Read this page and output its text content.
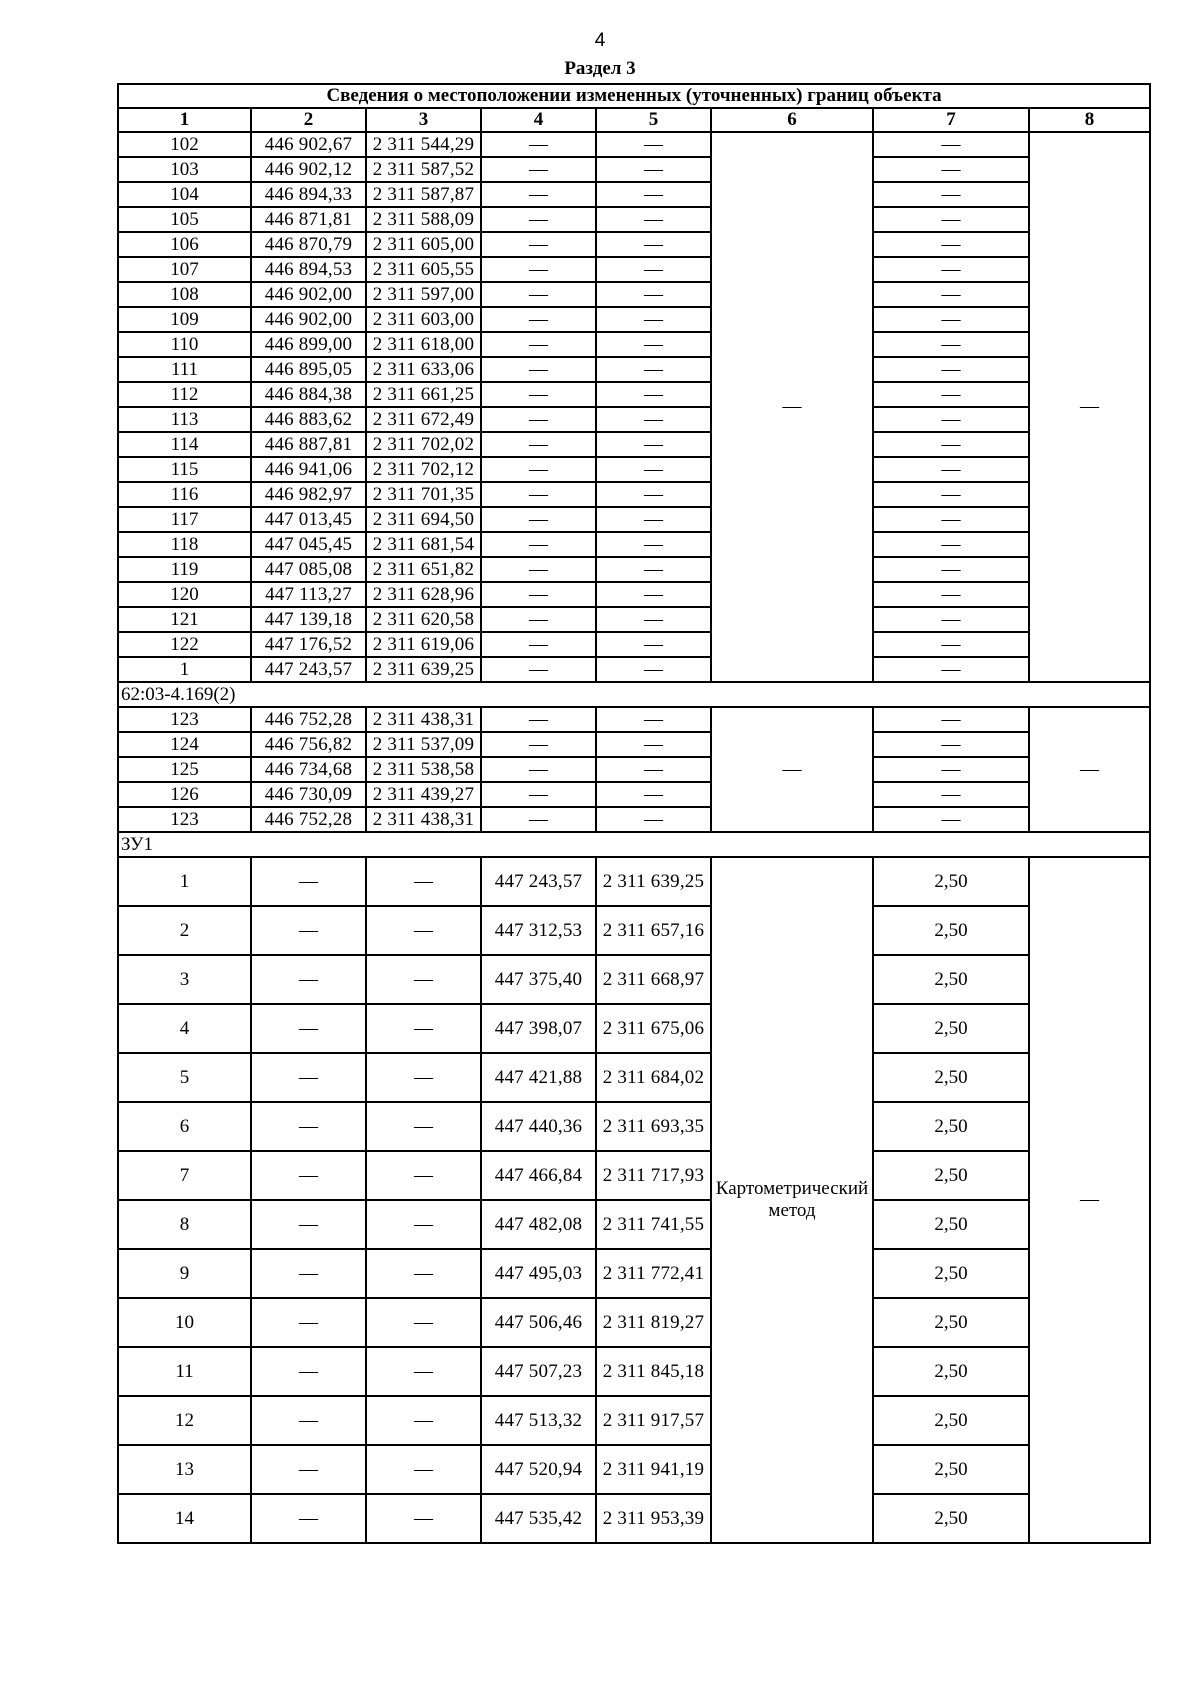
4
Раздел 3
Сведения о местоположении измененных (уточненных) границ объекта							
1	2	3	4	5	6	7	8
102	446 902,67	2 311 544,29	—	—	—	—	—
103	446 902,12	2 311 587,52	—	—		—	
104	446 894,33	2 311 587,87	—	—		—	
105	446 871,81	2 311 588,09	—	—		—	
106	446 870,79	2 311 605,00	—	—		—	
107	446 894,53	2 311 605,55	—	—		—	
108	446 902,00	2 311 597,00	—	—		—	
109	446 902,00	2 311 603,00	—	—		—	
110	446 899,00	2 311 618,00	—	—		—	
111	446 895,05	2 311 633,06	—	—		—	
112	446 884,38	2 311 661,25	—	—		—	
113	446 883,62	2 311 672,49	—	—		—	
114	446 887,81	2 311 702,02	—	—		—	
115	446 941,06	2 311 702,12	—	—		—	
116	446 982,97	2 311 701,35	—	—		—	
117	447 013,45	2 311 694,50	—	—		—	
118	447 045,45	2 311 681,54	—	—		—	
119	447 085,08	2 311 651,82	—	—		—	
120	447 113,27	2 311 628,96	—	—		—	
121	447 139,18	2 311 620,58	—	—		—	
122	447 176,52	2 311 619,06	—	—		—	
1	447 243,57	2 311 639,25	—	—		—	
62:03-4.169(2)							
123	446 752,28	2 311 438,31	—	—	—	—	—
124	446 756,82	2 311 537,09	—	—		—	
125	446 734,68	2 311 538,58	—	—		—	
126	446 730,09	2 311 439,27	—	—		—	
123	446 752,28	2 311 438,31	—	—		—	
ЗУ1							
1	—	—	447 243,57	2 311 639,25	Картометрический метод	2,50	—
2	—	—	447 312,53	2 311 657,16		2,50	
3	—	—	447 375,40	2 311 668,97		2,50	
4	—	—	447 398,07	2 311 675,06		2,50	
5	—	—	447 421,88	2 311 684,02		2,50	
6	—	—	447 440,36	2 311 693,35		2,50	
7	—	—	447 466,84	2 311 717,93		2,50	
8	—	—	447 482,08	2 311 741,55		2,50	
9	—	—	447 495,03	2 311 772,41		2,50	
10	—	—	447 506,46	2 311 819,27		2,50	
11	—	—	447 507,23	2 311 845,18		2,50	
12	—	—	447 513,32	2 311 917,57		2,50	
13	—	—	447 520,94	2 311 941,19		2,50	
14	—	—	447 535,42	2 311 953,39		2,50	
